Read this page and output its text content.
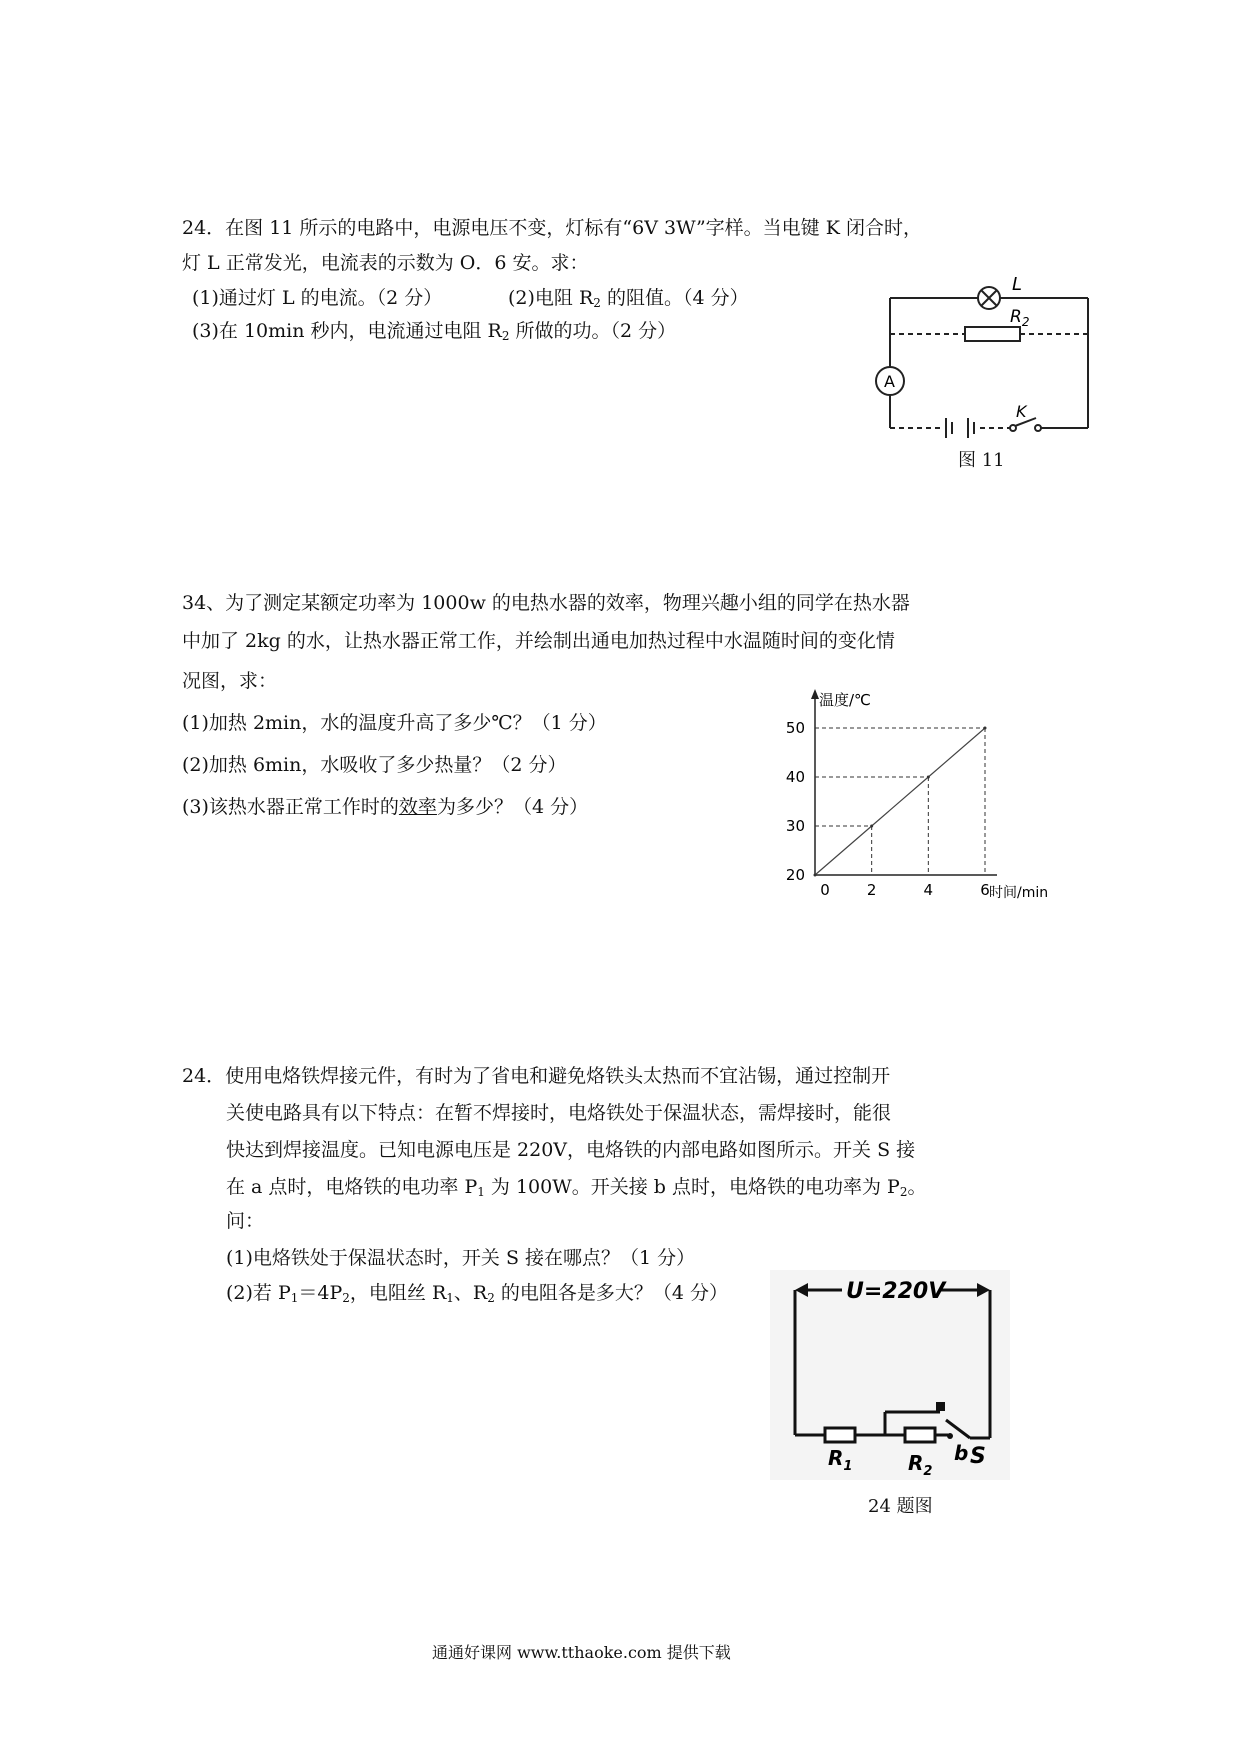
24．在图 11 所示的电路中，电源电压不变，灯标有“6V 3W”字样。当电键 K 闭合时，
灯 L 正常发光，电流表的示数为 O．6 安。求：
(1)通过灯 L 的电流。（2 分）	(2)电阻 $R_2$ 的阻值。（4 分）
(3)在 10min 秒内，电流通过电阻 $R_2$ 所做的功。（2 分）
L
$R_2$
A
K
图 11
34、为了测定某额定功率为 1000w 的电热水器的效率，物理兴趣小组的同学在热水器
中加了 2kg 的水，让热水器正常工作，并绘制出通电加热过程中水温随时间的变化情
况图，求：
(1)加热 2min，水的温度升高了多少℃？（1 分）
(2)加热 6min，水吸收了多少热量？（2 分）
(3)该热水器正常工作时的效率为多少？（4 分）
温度/℃
时间/min
20
30
40
50
0 2	4	6
24．使用电烙铁焊接元件，有时为了省电和避免烙铁头太热而不宜沾锡，通过控制开
关使电路具有以下特点：在暂不焊接时，电烙铁处于保温状态，需焊接时，能很
快达到焊接温度。已知电源电压是 220V，电烙铁的内部电路如图所示。开关 S 接
在 a 点时，电烙铁的电功率 $P_1$ 为 100W。开关接 b 点时，电烙铁的电功率为 $P_2$。
问：
(1)电烙铁处于保温状态时，开关 S 接在哪点？（1 分）
(2)若 $P_1=4P_2$，电阻丝 $R_1$、$R_2$ 的电阻各是多大？（4 分）	U=220V
$R_1$	$R_2$
b S
24 题图
通通好课网 www.tthaoke.com 提供下载
